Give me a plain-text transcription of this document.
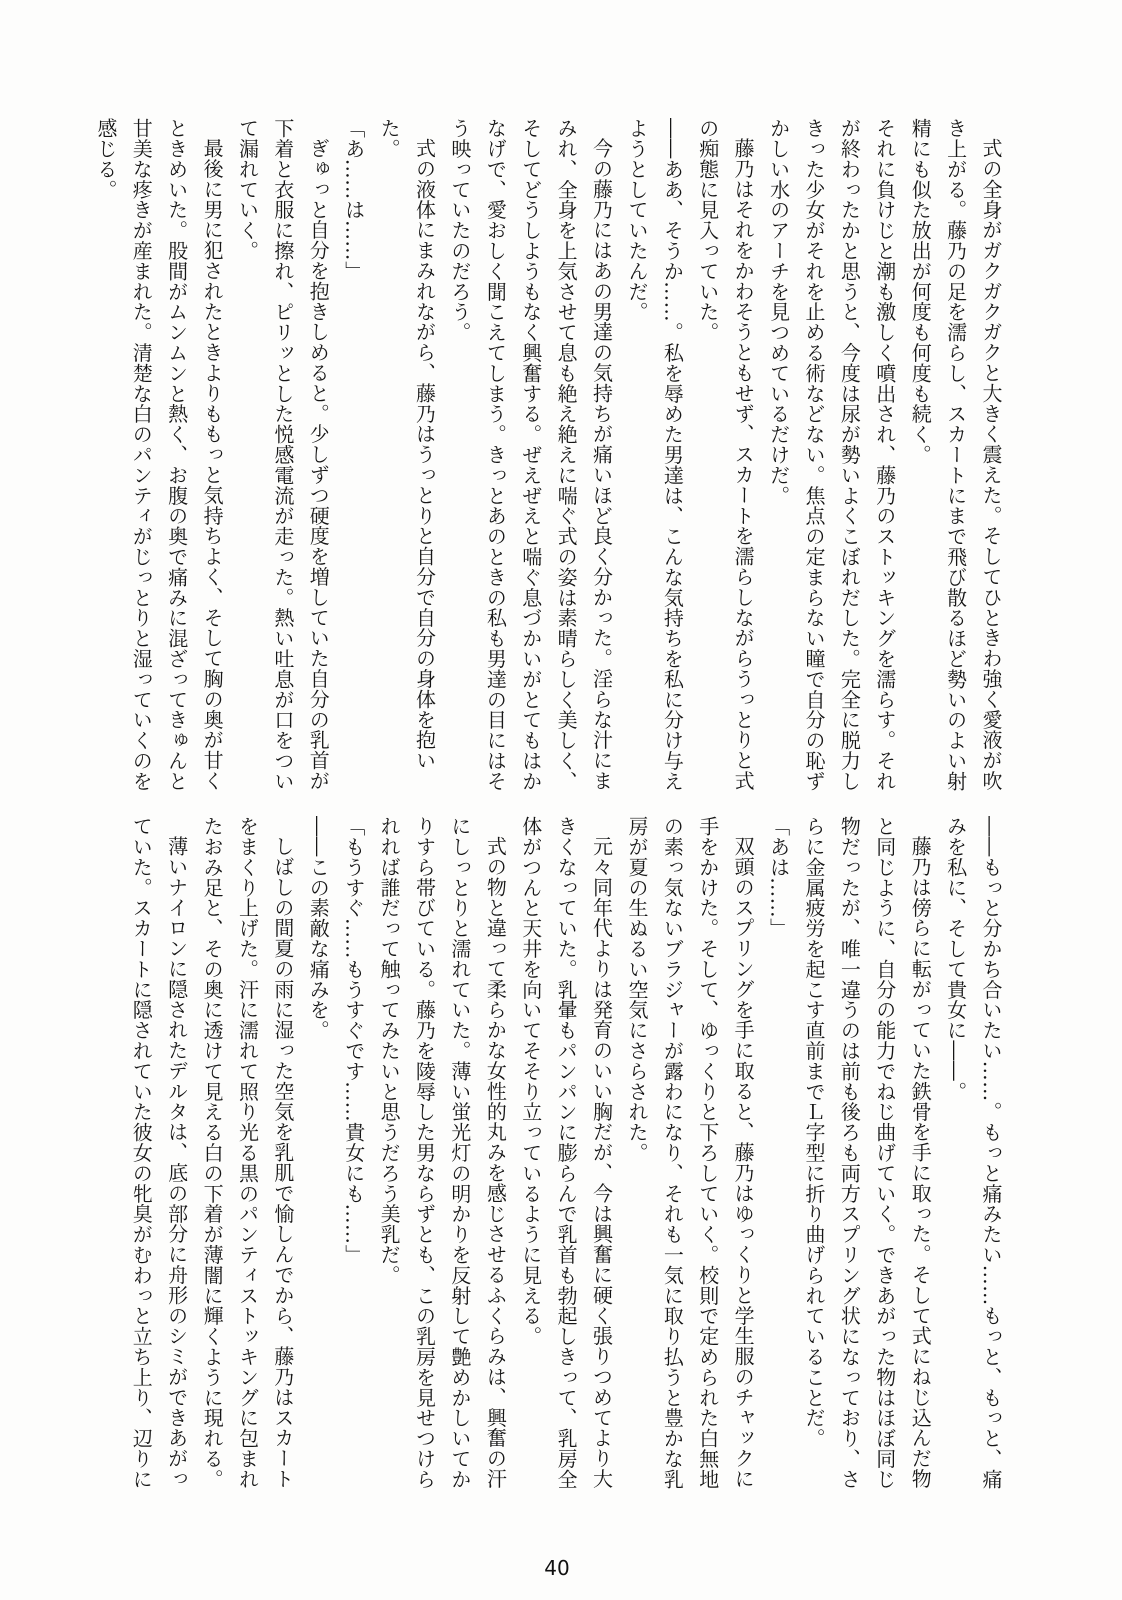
式の全身がガクガクガクと大きく震えた。そしてひときわ強く愛液が吹き上がる。藤乃の足を濡らし、スカートにまで飛び散るほど勢いのよい射精にも似た放出が何度も何度も続く。

それに負けじと潮も激しく噴出され、藤乃のストッキングを濡らす。それが終わったかと思うと、今度は尿が勢いよくこぼれだした。完全に脱力しきった少女がそれを止める術などない。焦点の定まらない瞳で自分の恥ずかしい水のアーチを見つめているだけだ。

藤乃はそれをかわそうともせず、スカートを濡らしながらうっとりと式の痴態に見入っていた。

――ああ、そうか……。私を辱めた男達は、こんな気持ちを私に分け与えようとしていたんだ。

今の藤乃にはあの男達の気持ちが痛いほど良く分かった。淫らな汁にまみれ、全身を上気させて息も絶え絶えに喘ぐ式の姿は素晴らしく美しく、そしてどうしようもなく興奮する。ぜえぜえと喘ぐ息づかいがとてもはかなげで、愛おしく聞こえてしまう。きっとあのときの私も男達の目にはそう映っていたのだろう。

式の液体にまみれながら、藤乃はうっとりと自分で自分の身体を抱いた。

「あ……は……」

ぎゅっと自分を抱きしめると。少しずつ硬度を増していた自分の乳首が下着と衣服に擦れ、ピリッとした悦感電流が走った。熱い吐息が口をついて漏れていく。

最後に男に犯されたときよりももっと気持ちよく、そして胸の奥が甘くときめいた。股間がムンムンと熱く、お腹の奥で痛みに混ざってきゅんと甘美な疼きが産まれた。清楚な白のパンティがじっとりと湿っていくのを感じる。

――もっと分かち合いたい……。もっと痛みたい……もっと、もっと、痛みを私に、そして貴女に――。

藤乃は傍らに転がっていた鉄骨を手に取った。そして式にねじ込んだ物と同じように、自分の能力でねじ曲げていく。できあがった物はほぼ同じ物だったが、唯一違うのは前も後ろも両方スプリング状になっており、さらに金属疲労を起こす直前までＬ字型に折り曲げられていることだ。

「あは……」

双頭のスプリングを手に取ると、藤乃はゆっくりと学生服のチャックに手をかけた。そして、ゆっくりと下ろしていく。校則で定められた白無地の素っ気ないブラジャーが露わになり、それも一気に取り払うと豊かな乳房が夏の生ぬるい空気にさらされた。

元々同年代よりは発育のいい胸だが、今は興奮に硬く張りつめてより大きくなっていた。乳暈もパンパンに膨らんで乳首も勃起しきって、乳房全体がつんと天井を向いてそそり立っているように見える。

式の物と違って柔らかな女性的丸みを感じさせるふくらみは、興奮の汗にしっとりと濡れていた。薄い蛍光灯の明かりを反射して艶めかしいてかりすら帯びている。藤乃を陵辱した男ならずとも、この乳房を見せつけられれば誰だって触ってみたいと思うだろう美乳だ。

「もうすぐ……もうすぐです……貴女にも……」

――この素敵な痛みを。

しばしの間夏の雨に湿った空気を乳肌で愉しんでから、藤乃はスカートをまくり上げた。汗に濡れて照り光る黒のパンティストッキングに包まれたおみ足と、その奥に透けて見える白の下着が薄闇に輝くように現れる。

薄いナイロンに隠されたデルタは、底の部分に舟形のシミができあがっていた。スカートに隠されていた彼女の牝臭がむわっと立ち上り、辺りに

40
